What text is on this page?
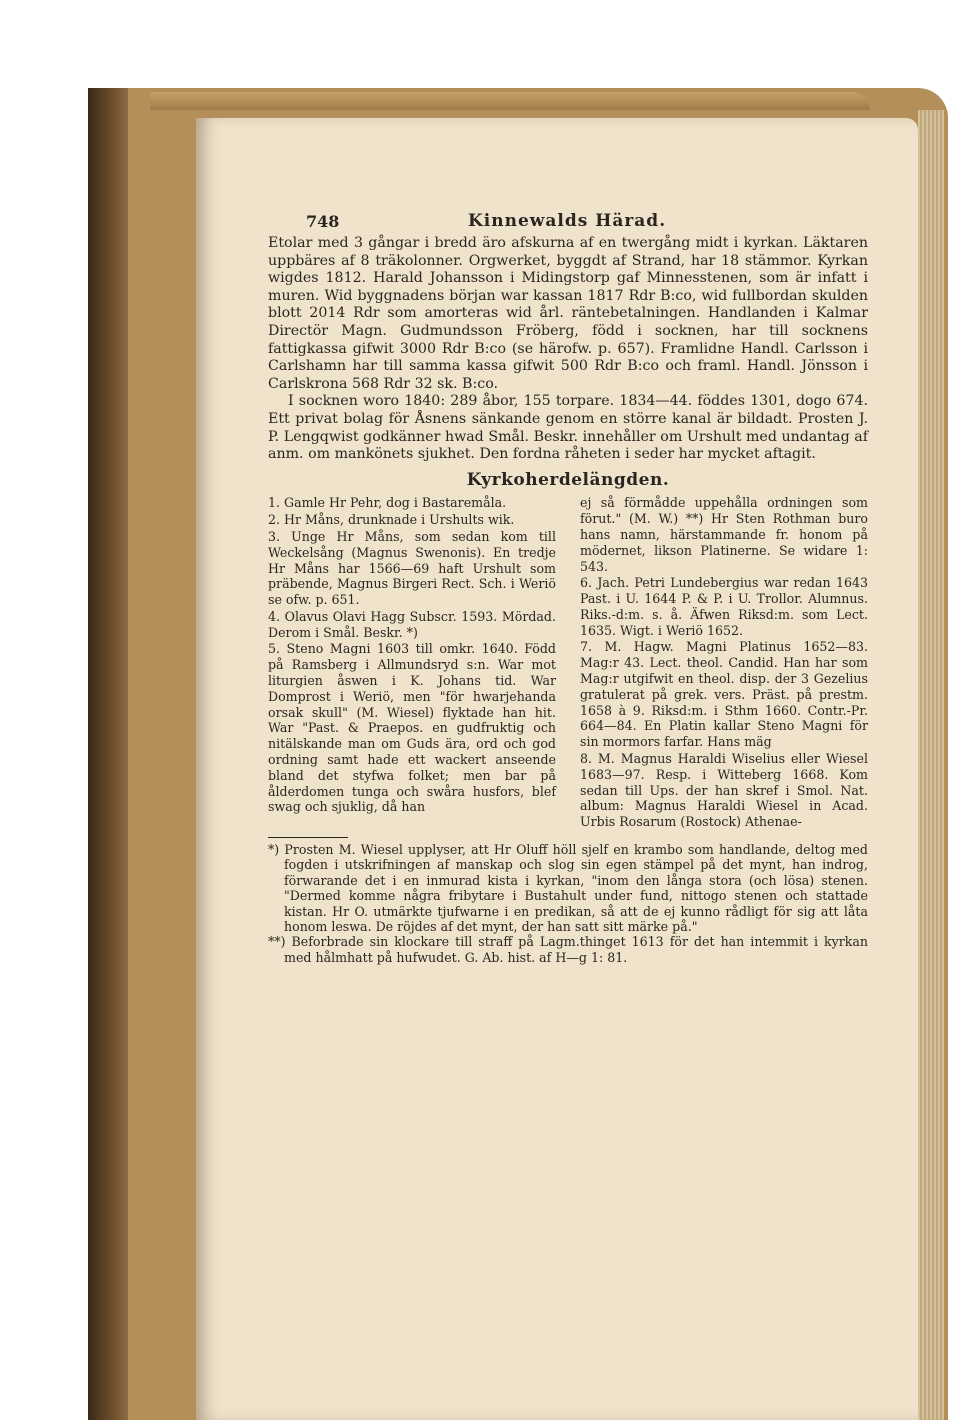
748	Kinnewalds Härad.

Etolar med 3 gångar i bredd äro afskurna af en twergång midt i kyrkan. Läktaren uppbäres af 8 träkolonner. Orgwerket, byggdt af Strand, har 18 stämmor. Kyrkan wigdes 1812. Harald Johansson i Midingstorp gaf Minnesstenen, som är infatt i muren. Wid byggnadens början war kassan 1817 Rdr B:co, wid fullbordan skulden blott 2014 Rdr som amorteras wid årl. räntebetalningen. Handlanden i Kalmar Directör Magn. Gudmundsson Fröberg, född i socknen, har till socknens fattigkassa gifwit 3000 Rdr B:co (se härofw. p. 657). Framlidne Handl. Carlsson i Carlshamn har till samma kassa gifwit 500 Rdr B:co och framl. Handl. Jönsson i Carlskrona 568 Rdr 32 sk. B:co.

I socknen woro 1840: 289 åbor, 155 torpare. 1834—44. föddes 1301, dogo 674. Ett privat bolag för Åsnens sänkande genom en större kanal är bildadt. Prosten J. P. Lengqwist godkänner hwad Smål. Beskr. innehåller om Urshult med undantag af anm. om mankönets sjukhet. Den fordna råheten i seder har mycket aftagit.

Kyrkoherdelängden.
1. Gamle Hr Pehr, dog i Bastaremåla.
2. Hr Måns, drunknade i Urshults wik.
3. Unge Hr Måns, som sedan kom till Weckelsång (Magnus Swenonis). En tredje Hr Måns har 1566—69 haft Urshult som präbende, Magnus Birgeri Rect. Sch. i Weriö se ofw. p. 651.
4. Olavus Olavi Hagg Subscr. 1593. Mördad. Derom i Smål. Beskr. *)
5. Steno Magni 1603 till omkr. 1640. Född på Ramsberg i Allmundsryd s:n. War mot liturgien åswen i K. Johans tid. War Domprost i Weriö, men "för hwarjehanda orsak skull" (M. Wiesel) flyktade han hit. War "Past. & Praepos. en gudfruktig och nitälskande man om Guds ära, ord och god ordning samt hade ett wackert anseende bland det styfwa folket; men bar på ålderdomen tunga och swåra husfors, blef swag och sjuklig, då han
ej så förmådde uppehålla ordningen som förut." (M. W.) **) Hr Sten Rothman buro hans namn, härstammande fr. honom på mödernet, likson Platinerne. Se widare 1: 543.
6. Jach. Petri Lundebergius war redan 1643 Past. i U. 1644 P. & P. i U. Trollor. Alumnus. Riks.-d:m. s. å. Äfwen Riksd:m. som Lect. 1635. Wigt. i Weriö 1652.
7. M. Hagw. Magni Platinus 1652—83. Mag:r 43. Lect. theol. Candid. Han har som Mag:r utgifwit en theol. disp. der 3 Gezelius gratulerat på grek. vers. Präst. på prestm. 1658 à 9. Riksd:m. i Sthm 1660. Contr.-Pr. 664—84. En Platin kallar Steno Magni för sin mormors farfar. Hans mäg
8. M. Magnus Haraldi Wiselius eller Wiesel 1683—97. Resp. i Witteberg 1668. Kom sedan till Ups. der han skref i Smol. Nat. album: Magnus Haraldi Wiesel in Acad. Urbis Rosarum (Rostock) Athenae-

*) Prosten M. Wiesel upplyser, att Hr Oluff höll sjelf en krambo som handlande, deltog med fogden i utskrifningen af manskap och slog sin egen stämpel på det mynt, han indrog, förwarande det i en inmurad kista i kyrkan, "inom den långa stora (och lösa) stenen. "Dermed komme några fribytare i Bustahult under fund, nittogo stenen och stattade kistan. Hr O. utmärkte tjufwarne i en predikan, så att de ej kunno rådligt för sig att låta honom leswa. De röjdes af det mynt, der han satt sitt märke på."

**) Beforbrade sin klockare till straff på Lagm.thinget 1613 för det han intemmit i kyrkan med hålmhatt på hufwudet. G. Ab. hist. af H—g 1: 81.
